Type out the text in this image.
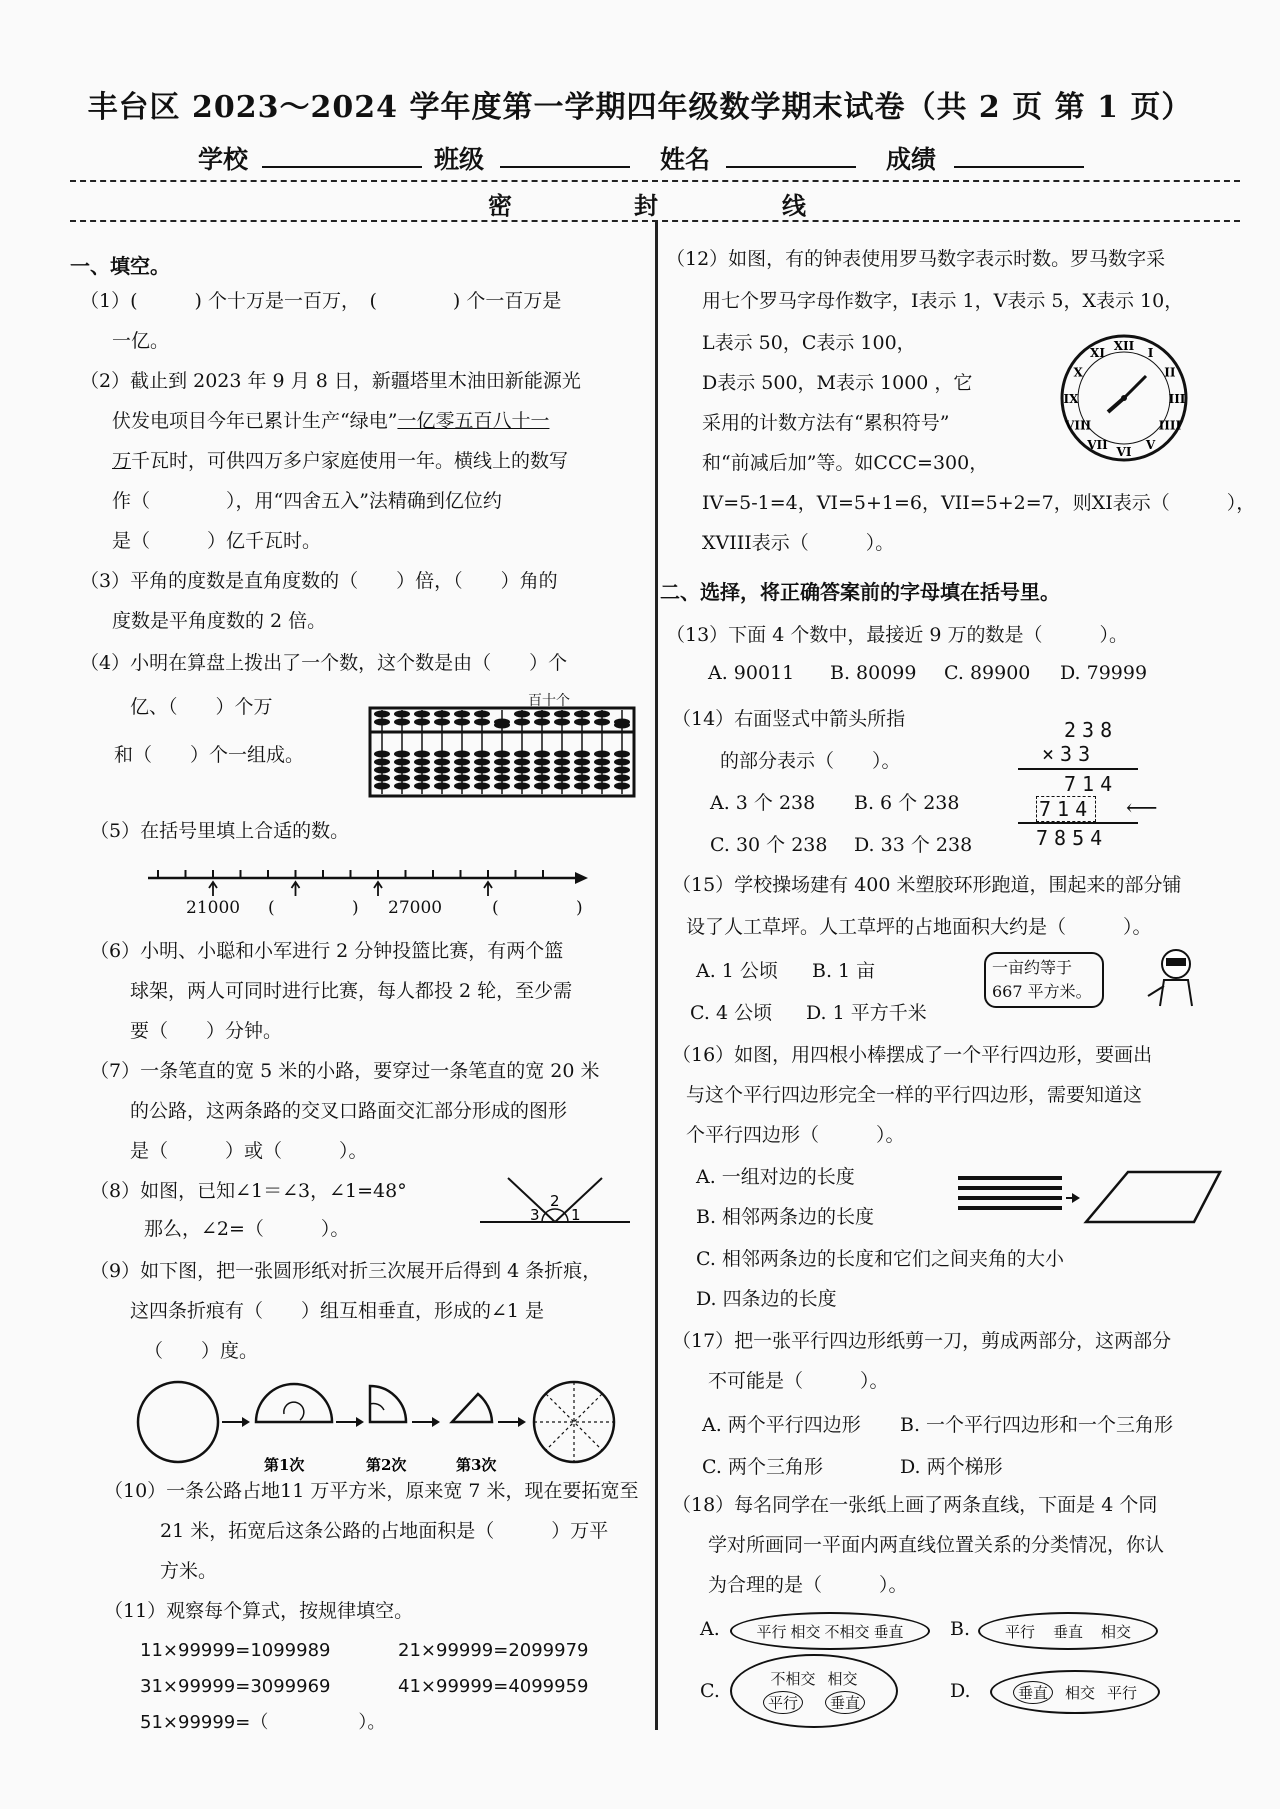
丰台区 2023～2024 学年度第一学期四年级数学期末试卷（共 2 页 第 1 页）
学校	班级	姓名	成绩
密	封	线
一、填空。
（1）(　　　) 个十万是一百万，　(　　　　) 个一百万是
一亿。
（2）截止到 2023 年 9 月 8 日，新疆塔里木油田新能源光
伏发电项目今年已累计生产“绿电”一亿零五百八十一
万千瓦时，可供四万多户家庭使用一年。横线上的数写
作（　　　　），用“四舍五入”法精确到亿位约
是（　　　）亿千瓦时。
（3）平角的度数是直角度数的（　　）倍，（　　）角的
度数是平角度数的 2 倍。
（4）小明在算盘上拨出了一个数，这个数是由（　　）个
亿、（　　）个万
和（　　）个一组成。
百十个
（5）在括号里填上合适的数。
21000 (	) 27000	(	)
（6）小明、小聪和小军进行 2 分钟投篮比赛，有两个篮
球架，两人可同时进行比赛，每人都投 2 轮，至少需
要（　　）分钟。
（7）一条笔直的宽 5 米的小路，要穿过一条笔直的宽 20 米
的公路，这两条路的交叉口路面交汇部分形成的图形
是（　　　）或（　　　）。
（8）如图，已知∠1＝∠3，∠1=48°
那么，∠2=（　　　）。
3
2
1
（9）如下图，把一张圆形纸对折三次展开后得到 4 条折痕，
这四条折痕有（　　）组互相垂直，形成的∠1 是
（　　）度。
第1次	第2次	第3次
（10）一条公路占地11 万平方米，原来宽 7 米，现在要拓宽至
21 米，拓宽后这条公路的占地面积是（　　　）万平
方米。
（11）观察每个算式，按规律填空。
11×99999=1099989	21×99999=2099979
31×99999=3099969	41×99999=4099959
51×99999=（　　　　　）。
（12）如图，有的钟表使用罗马数字表示时数。罗马数字采
用七个罗马字母作数字，I表示 1，V表示 5，X表示 10，
L表示 50，C表示 100，
D表示 500，M表示 1000 ，它
采用的计数方法有“累积符号”
和“前减后加”等。如CCC=300，
IV=5-1=4，VI=5+1=6，VII=5+2=7，则XI表示（　　　），
XVIII表示（　　　）。
XII
I
II
III
IIII
V
VI
VII
VIII
IX
X
XI
二、选择，将正确答案前的字母填在括号里。
（13）下面 4 个数中，最接近 9 万的数是（　　　）。
A. 90011 B. 80099 C. 89900 D. 79999
（14）右面竖式中箭头所指
的部分表示（　　）。
A. 3 个 238 B. 6 个 238
C. 30 个 238 D. 33 个 238
238
×33
714
714 ⟵
7854
（15）学校操场建有 400 米塑胶环形跑道，围起来的部分铺
设了人工草坪。人工草坪的占地面积大约是（　　　）。
A. 1 公顷 B. 1 亩
C. 4 公顷 D. 1 平方千米
一亩约等于
667 平方米。
（16）如图，用四根小棒摆成了一个平行四边形，要画出
与这个平行四边形完全一样的平行四边形，需要知道这
个平行四边形（　　　）。
A. 一组对边的长度
B. 相邻两条边的长度
C. 相邻两条边的长度和它们之间夹角的大小
D. 四条边的长度
（17）把一张平行四边形纸剪一刀，剪成两部分，这两部分
不可能是（　　　）。
A. 两个平行四边形 B. 一个平行四边形和一个三角形
C. 两个三角形	D. 两个梯形
（18）每名同学在一张纸上画了两条直线，下面是 4 个同
学对所画同一平面内两直线位置关系的分类情况，你认
为合理的是（　　　）。
A. 平行 相交 不相交 垂直 B. 平行 垂直 相交
C.
不相交 相交
平行	垂直
D.	垂直	相交 平行
